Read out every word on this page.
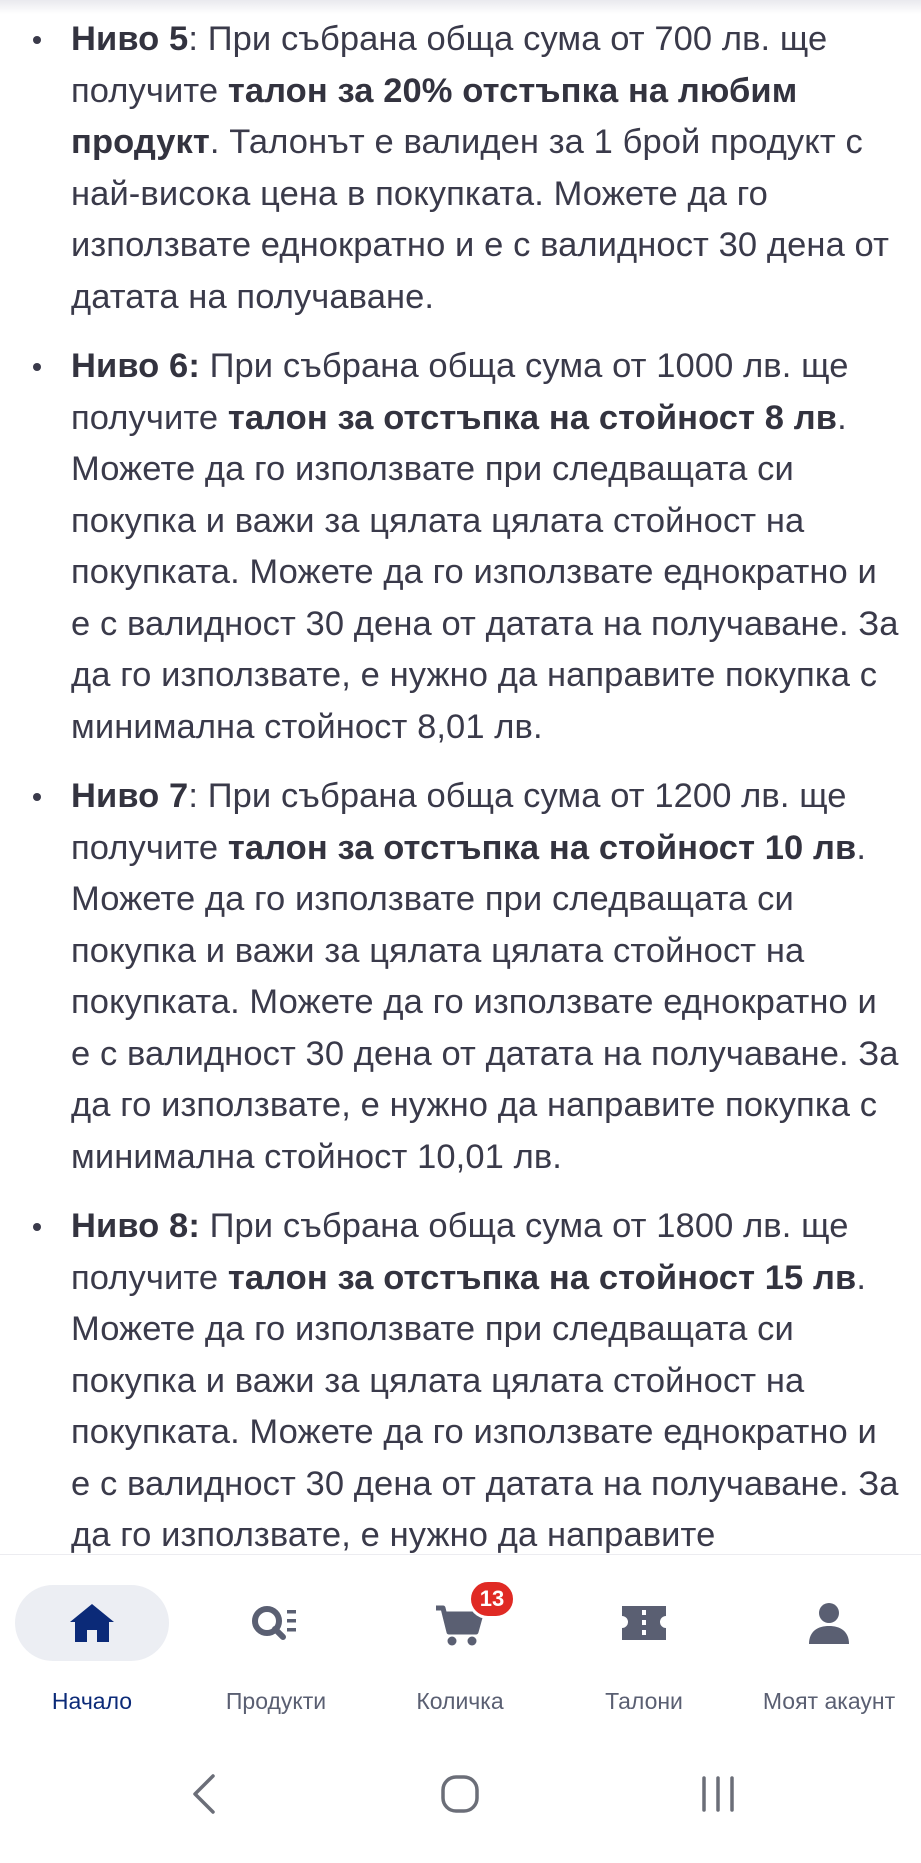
Ниво 5: При събрана обща сума от 700 лв. ще получите талон за 20% отстъпка на любим продукт. Талонът е валиден за 1 брой продукт с най-висока цена в покупката. Можете да го използвате еднократно и е с валидност 30 дена от датата на получаване.
Ниво 6: При събрана обща сума от 1000 лв. ще получите талон за отстъпка на стойност 8 лв. Можете да го използвате при следващата си покупка и важи за цялата цялата стойност на покупката. Можете да го използвате еднократно и е с валидност 30 дена от датата на получаване. За да го използвате, е нужно да направите покупка с минимална стойност 8,01 лв.
Ниво 7: При събрана обща сума от 1200 лв. ще получите талон за отстъпка на стойност 10 лв. Можете да го използвате при следващата си покупка и важи за цялата цялата стойност на покупката. Можете да го използвате еднократно и е с валидност 30 дена от датата на получаване. За да го използвате, е нужно да направите покупка с минимална стойност 10,01 лв.
Ниво 8: При събрана обща сума от 1800 лв. ще получите талон за отстъпка на стойност 15 лв. Можете да го използвате при следващата си покупка и важи за цялата цялата стойност на покупката. Можете да го използвате еднократно и е с валидност 30 дена от датата на получаване. За да го използвате, е нужно да направите
Начало	Продукти
13
Количка	Талони	Моят акаунт
